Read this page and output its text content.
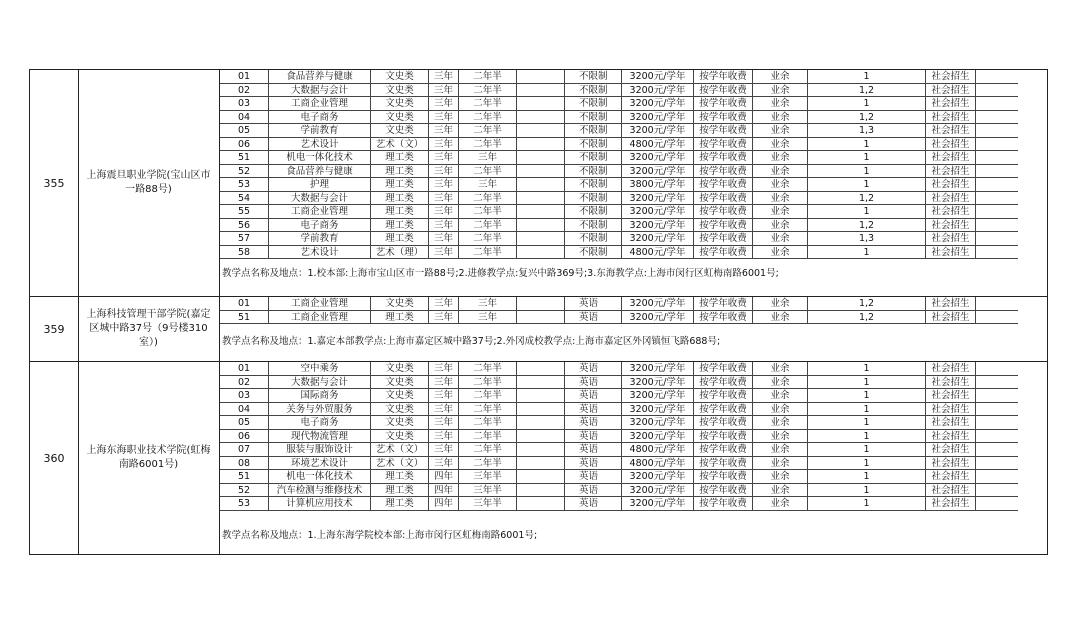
355
上海震旦职业学院(宝山区市一路88号)
01	食品营养与健康	文史类	三年	二年半	不限制	3200元/学年	按学年收费	业余	1	社会招生
02	大数据与会计	文史类	三年	二年半	不限制	3200元/学年	按学年收费	业余	1,2	社会招生
03	工商企业管理	文史类	三年	二年半	不限制	3200元/学年	按学年收费	业余	1	社会招生
04	电子商务	文史类	三年	二年半	不限制	3200元/学年	按学年收费	业余	1,2	社会招生
05	学前教育	文史类	三年	二年半	不限制	3200元/学年	按学年收费	业余	1,3	社会招生
06	艺术设计	艺术（文）	三年	二年半	不限制	4800元/学年	按学年收费	业余	1	社会招生
51	机电一体化技术	理工类	三年	三年	不限制	3200元/学年	按学年收费	业余	1	社会招生
52	食品营养与健康	理工类	三年	二年半	不限制	3200元/学年	按学年收费	业余	1	社会招生
53	护理	理工类	三年	三年	不限制	3800元/学年	按学年收费	业余	1	社会招生
54	大数据与会计	理工类	三年	二年半	不限制	3200元/学年	按学年收费	业余	1,2	社会招生
55	工商企业管理	理工类	三年	二年半	不限制	3200元/学年	按学年收费	业余	1	社会招生
56	电子商务	理工类	三年	二年半	不限制	3200元/学年	按学年收费	业余	1,2	社会招生
57	学前教育	理工类	三年	二年半	不限制	3200元/学年	按学年收费	业余	1,3	社会招生
58	艺术设计	艺术（理）	三年	二年半	不限制	4800元/学年	按学年收费	业余	1	社会招生
教学点名称及地点：1.校本部:上海市宝山区市一路88号;2.进修教学点:复兴中路369号;3.东海教学点:上海市闵行区虹梅南路6001号;
359
上海科技管理干部学院(嘉定区城中路37号（9号楼310室）)
01	工商企业管理	文史类	三年	三年	英语	3200元/学年	按学年收费	业余	1,2	社会招生
51	工商企业管理	理工类	三年	三年	英语	3200元/学年	按学年收费	业余	1,2	社会招生
教学点名称及地点：1.嘉定本部教学点:上海市嘉定区城中路37号;2.外冈成校教学点:上海市嘉定区外冈镇恒飞路688号;
360
上海东海职业技术学院(虹梅南路6001号)
01	空中乘务	文史类	三年	二年半	英语	3200元/学年	按学年收费	业余	1	社会招生
02	大数据与会计	文史类	三年	二年半	英语	3200元/学年	按学年收费	业余	1	社会招生
03	国际商务	文史类	三年	二年半	英语	3200元/学年	按学年收费	业余	1	社会招生
04	关务与外贸服务	文史类	三年	二年半	英语	3200元/学年	按学年收费	业余	1	社会招生
05	电子商务	文史类	三年	二年半	英语	3200元/学年	按学年收费	业余	1	社会招生
06	现代物流管理	文史类	三年	二年半	英语	3200元/学年	按学年收费	业余	1	社会招生
07	服装与服饰设计	艺术（文）	三年	二年半	英语	4800元/学年	按学年收费	业余	1	社会招生
08	环境艺术设计	艺术（文）	三年	二年半	英语	4800元/学年	按学年收费	业余	1	社会招生
51	机电一体化技术	理工类	四年	三年半	英语	3200元/学年	按学年收费	业余	1	社会招生
52	汽车检测与维修技术	理工类	四年	三年半	英语	3200元/学年	按学年收费	业余	1	社会招生
53	计算机应用技术	理工类	四年	三年半	英语	3200元/学年	按学年收费	业余	1	社会招生
教学点名称及地点：1.上海东海学院校本部:上海市闵行区虹梅南路6001号;
